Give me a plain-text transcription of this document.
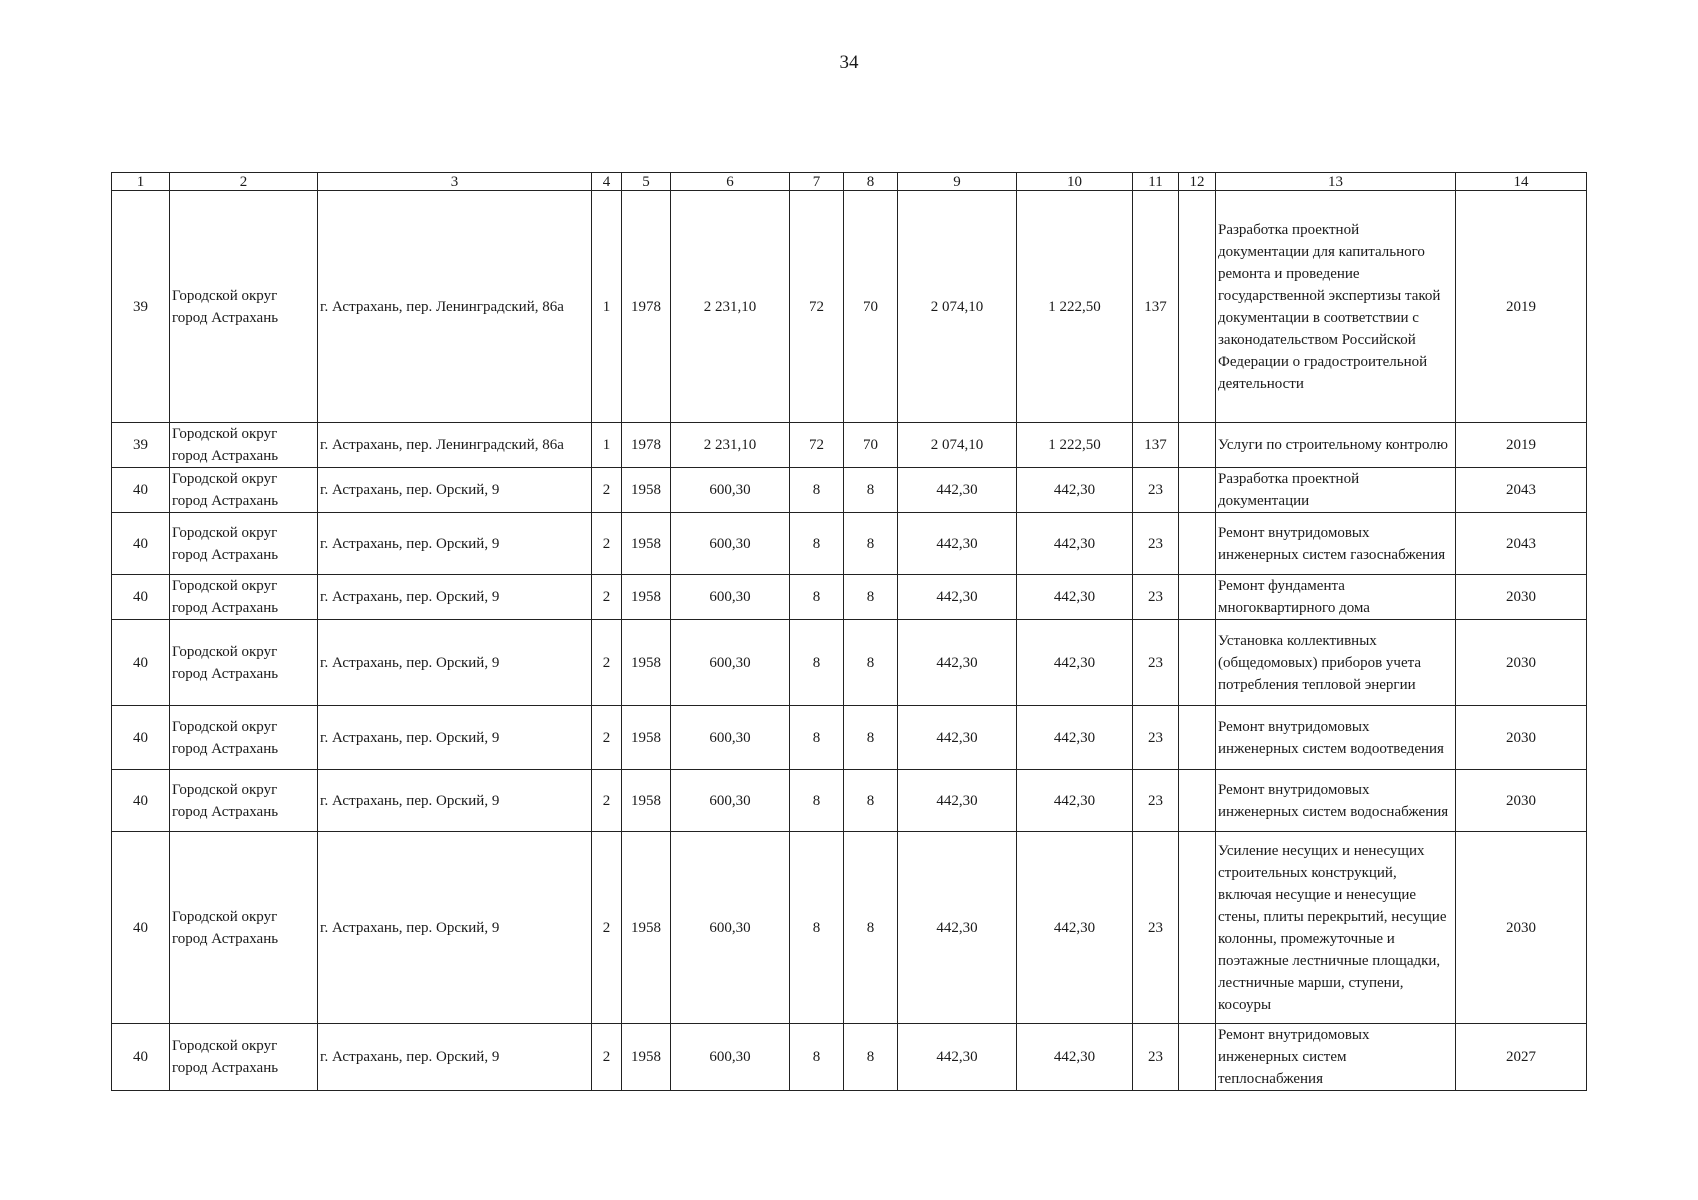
34
1	2	3	4	5	6	7	8	9	10	11	12	13	14
39	Городской округ город Астрахань	г. Астрахань, пер. Ленинградский, 86а	1	1978	2 231,10	72	70	2 074,10	1 222,50	137		Разработка проектной документации для капитального ремонта и проведение государственной экспертизы такой документации в соответствии с законодательством Российской Федерации о градостроительной деятельности	2019
39	Городской округ город Астрахань	г. Астрахань, пер. Ленинградский, 86а	1	1978	2 231,10	72	70	2 074,10	1 222,50	137		Услуги по строительному контролю	2019
40	Городской округ город Астрахань	г. Астрахань, пер. Орский, 9	2	1958	600,30	8	8	442,30	442,30	23		Разработка проектной документации	2043
40	Городской округ город Астрахань	г. Астрахань, пер. Орский, 9	2	1958	600,30	8	8	442,30	442,30	23		Ремонт внутридомовых инженерных систем газоснабжения	2043
40	Городской округ город Астрахань	г. Астрахань, пер. Орский, 9	2	1958	600,30	8	8	442,30	442,30	23		Ремонт фундамента многоквартирного дома	2030
40	Городской округ город Астрахань	г. Астрахань, пер. Орский, 9	2	1958	600,30	8	8	442,30	442,30	23		Установка коллективных (общедомовых) приборов учета потребления тепловой энергии	2030
40	Городской округ город Астрахань	г. Астрахань, пер. Орский, 9	2	1958	600,30	8	8	442,30	442,30	23		Ремонт внутридомовых инженерных систем водоотведения	2030
40	Городской округ город Астрахань	г. Астрахань, пер. Орский, 9	2	1958	600,30	8	8	442,30	442,30	23		Ремонт внутридомовых инженерных систем водоснабжения	2030
40	Городской округ город Астрахань	г. Астрахань, пер. Орский, 9	2	1958	600,30	8	8	442,30	442,30	23		Усиление несущих и ненесущих строительных конструкций, включая несущие и ненесущие стены, плиты перекрытий, несущие колонны, промежуточные и поэтажные лестничные площадки, лестничные марши, ступени, косоуры	2030
40	Городской округ город Астрахань	г. Астрахань, пер. Орский, 9	2	1958	600,30	8	8	442,30	442,30	23		Ремонт внутридомовых инженерных систем теплоснабжения	2027
